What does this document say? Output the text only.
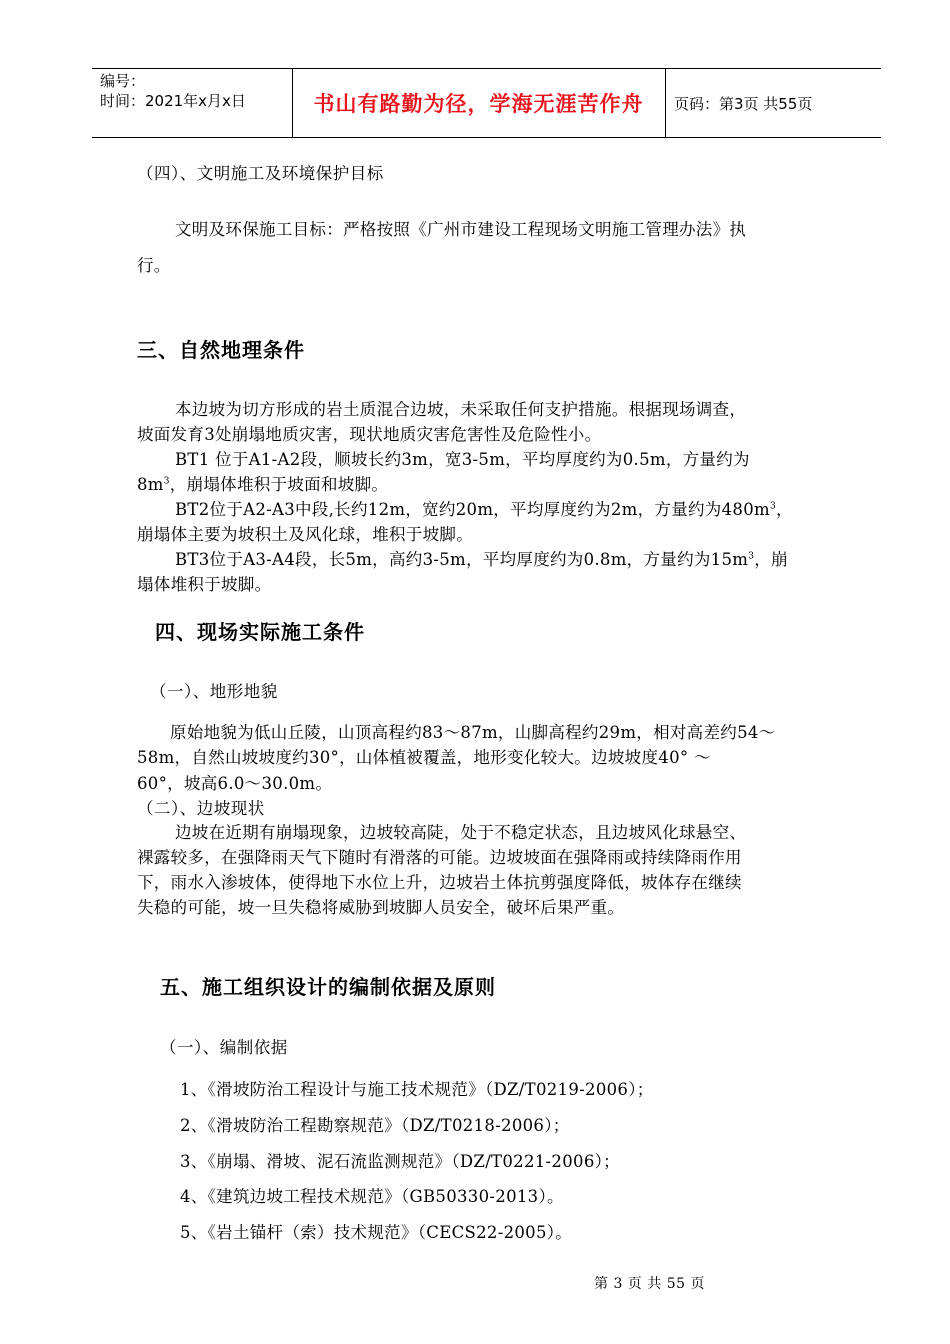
编号：
时间：2021年x月x日	书山有路勤为径，学海无涯苦作舟	页码：第3页 共55页
（四）、文明施工及环境保护目标
文明及环保施工目标：严格按照《广州市建设工程现场文明施工管理办法》执
行。
三、自然地理条件
本边坡为切方形成的岩土质混合边坡，未采取任何支护措施。根据现场调查，
坡面发育3处崩塌地质灾害，现状地质灾害危害性及危险性小。
BT1 位于A1-A2段，顺坡长约3m，宽3-5m，平均厚度约为0.5m，方量约为
$8m^3$，崩塌体堆积于坡面和坡脚。
BT2位于A2-A3中段,长约12m，宽约20m，平均厚度约为2m，方量约为$480m^3$，
崩塌体主要为坡积土及风化球，堆积于坡脚。
BT3位于A3-A4段，长5m，高约3-5m，平均厚度约为0.8m，方量约为$15m^3$，崩
塌体堆积于坡脚。
四、现场实际施工条件
（一）、地形地貌
原始地貌为低山丘陵，山顶高程约83～87m，山脚高程约29m，相对高差约54～
58m，自然山坡坡度约30°，山体植被覆盖，地形变化较大。边坡坡度40° ～
60°，坡高6.0～30.0m。
（二）、边坡现状
边坡在近期有崩塌现象，边坡较高陡，处于不稳定状态，且边坡风化球悬空、
裸露较多，在强降雨天气下随时有滑落的可能。边坡坡面在强降雨或持续降雨作用
下，雨水入渗坡体，使得地下水位上升，边坡岩土体抗剪强度降低，坡体存在继续
失稳的可能，坡一旦失稳将威胁到坡脚人员安全，破坏后果严重。
五、施工组织设计的编制依据及原则
（一）、编制依据
1、《滑坡防治工程设计与施工技术规范》（DZ/T0219-2006）；
2、《滑坡防治工程勘察规范》（DZ/T0218-2006）；
3、《崩塌、滑坡、泥石流监测规范》（DZ/T0221-2006）；
4、《建筑边坡工程技术规范》（GB50330-2013）。
5、《岩土锚杆（索）技术规范》（CECS22-2005）。
第 3 页 共 55 页
